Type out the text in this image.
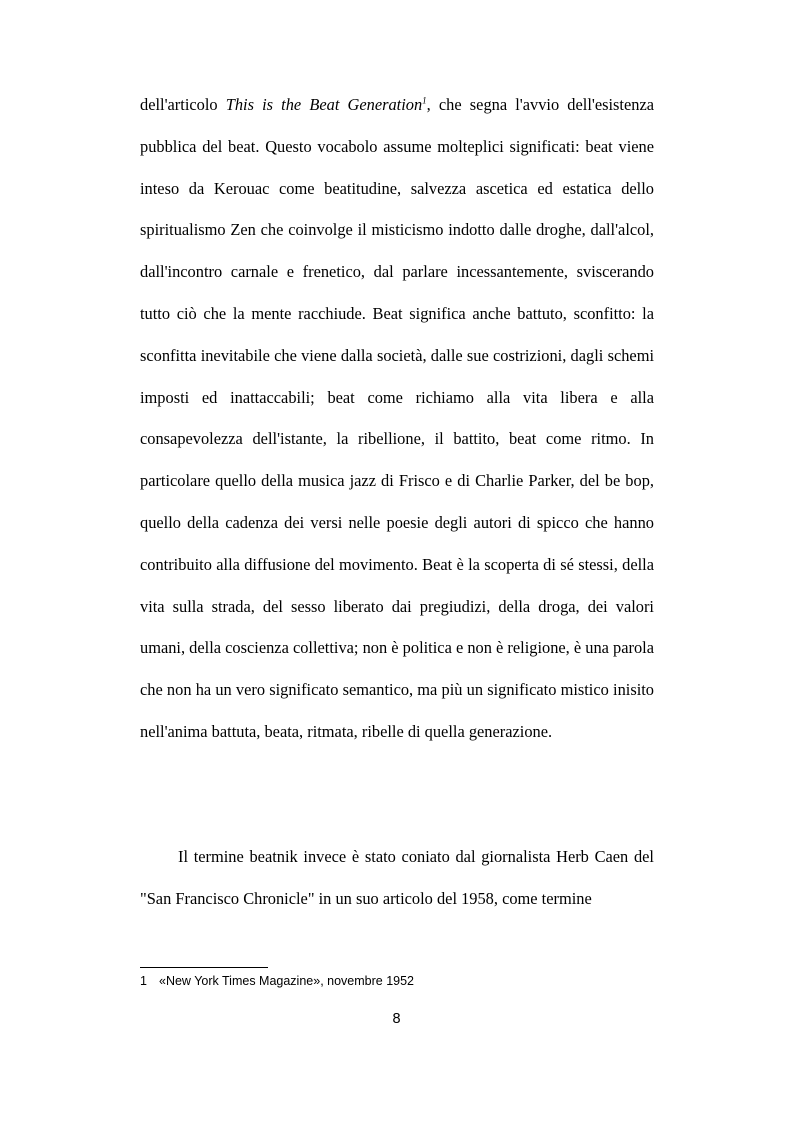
dell'articolo This is the Beat Generation$^1$, che segna l'avvio dell'esistenza pubblica del beat. Questo vocabolo assume molteplici significati: beat viene inteso da Kerouac come beatitudine, salvezza ascetica ed estatica dello spiritualismo Zen che coinvolge il misticismo indotto dalle droghe, dall'alcol, dall'incontro carnale e frenetico, dal parlare incessantemente, sviscerando tutto ciò che la mente racchiude. Beat significa anche battuto, sconfitto: la sconfitta inevitabile che viene dalla società, dalle sue costrizioni, dagli schemi imposti ed inattaccabili; beat come richiamo alla vita libera e alla consapevolezza dell'istante, la ribellione, il battito, beat come ritmo. In particolare quello della musica jazz di Frisco e di Charlie Parker, del be bop, quello della cadenza dei versi nelle poesie degli autori di spicco che hanno contribuito alla diffusione del movimento. Beat è la scoperta di sé stessi, della vita sulla strada, del sesso liberato dai pregiudizi, della droga, dei valori umani, della coscienza collettiva; non è politica e non è religione, è una parola che non ha un vero significato semantico, ma più un significato mistico inisito nell'anima battuta, beata, ritmata, ribelle di quella generazione.

Il termine beatnik invece è stato coniato dal giornalista Herb Caen del "San Francisco Chronicle" in un suo articolo del 1958, come termine

1 «New York Times Magazine», novembre 1952
8
